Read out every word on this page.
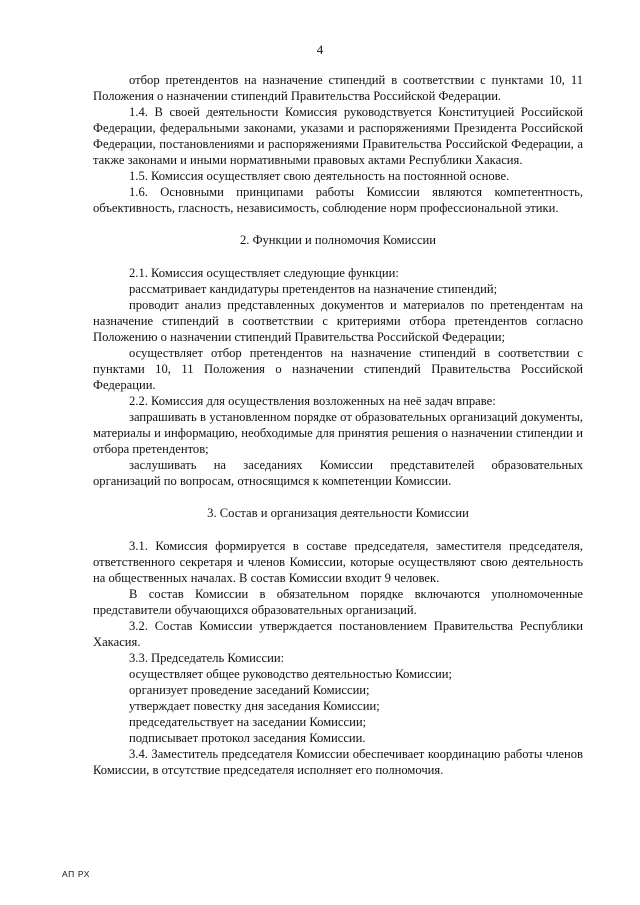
4

отбор претендентов на назначение стипендий в соответствии с пунктами 10, 11 Положения о назначении стипендий Правительства Российской Федерации.

1.4. В своей деятельности Комиссия руководствуется Конституцией Российской Федерации, федеральными законами, указами и распоряжениями Президента Российской Федерации, постановлениями и распоряжениями Правительства Российской Федерации, а также законами и иными нормативными правовых актами Республики Хакасия.

1.5. Комиссия осуществляет свою деятельность на постоянной основе.

1.6. Основными принципами работы Комиссии являются компетентность, объективность, гласность, независимость, соблюдение норм профессиональной этики.

2. Функции и полномочия Комиссии

2.1. Комиссия осуществляет следующие функции:

рассматривает кандидатуры претендентов на назначение стипендий;

проводит анализ представленных документов и материалов по претендентам на назначение стипендий в соответствии с критериями отбора претендентов согласно Положению о назначении стипендий Правительства Российской Федерации;

осуществляет отбор претендентов на назначение стипендий в соответствии с пунктами 10, 11 Положения о назначении стипендий Правительства Российской Федерации.

2.2. Комиссия для осуществления возложенных на неё задач вправе:

запрашивать в установленном порядке от образовательных организаций документы, материалы и информацию, необходимые для принятия решения о назначении стипендии и отбора претендентов;

заслушивать на заседаниях Комиссии представителей образовательных организаций по вопросам, относящимся к компетенции Комиссии.

3. Состав и организация деятельности Комиссии

3.1. Комиссия формируется в составе председателя, заместителя председателя, ответственного секретаря и членов Комиссии, которые осуществляют свою деятельность на общественных началах. В состав Комиссии входит 9 человек.

В состав Комиссии в обязательном порядке включаются уполномоченные представители обучающихся образовательных организаций.

3.2. Состав Комиссии утверждается постановлением Правительства Республики Хакасия.

3.3. Председатель Комиссии:

осуществляет общее руководство деятельностью Комиссии;

организует проведение заседаний Комиссии;

утверждает повестку дня заседания Комиссии;

председательствует на заседании Комиссии;

подписывает протокол заседания Комиссии.

3.4. Заместитель председателя Комиссии обеспечивает координацию работы членов Комиссии, в отсутствие председателя исполняет его полномочия.

АП РХ
